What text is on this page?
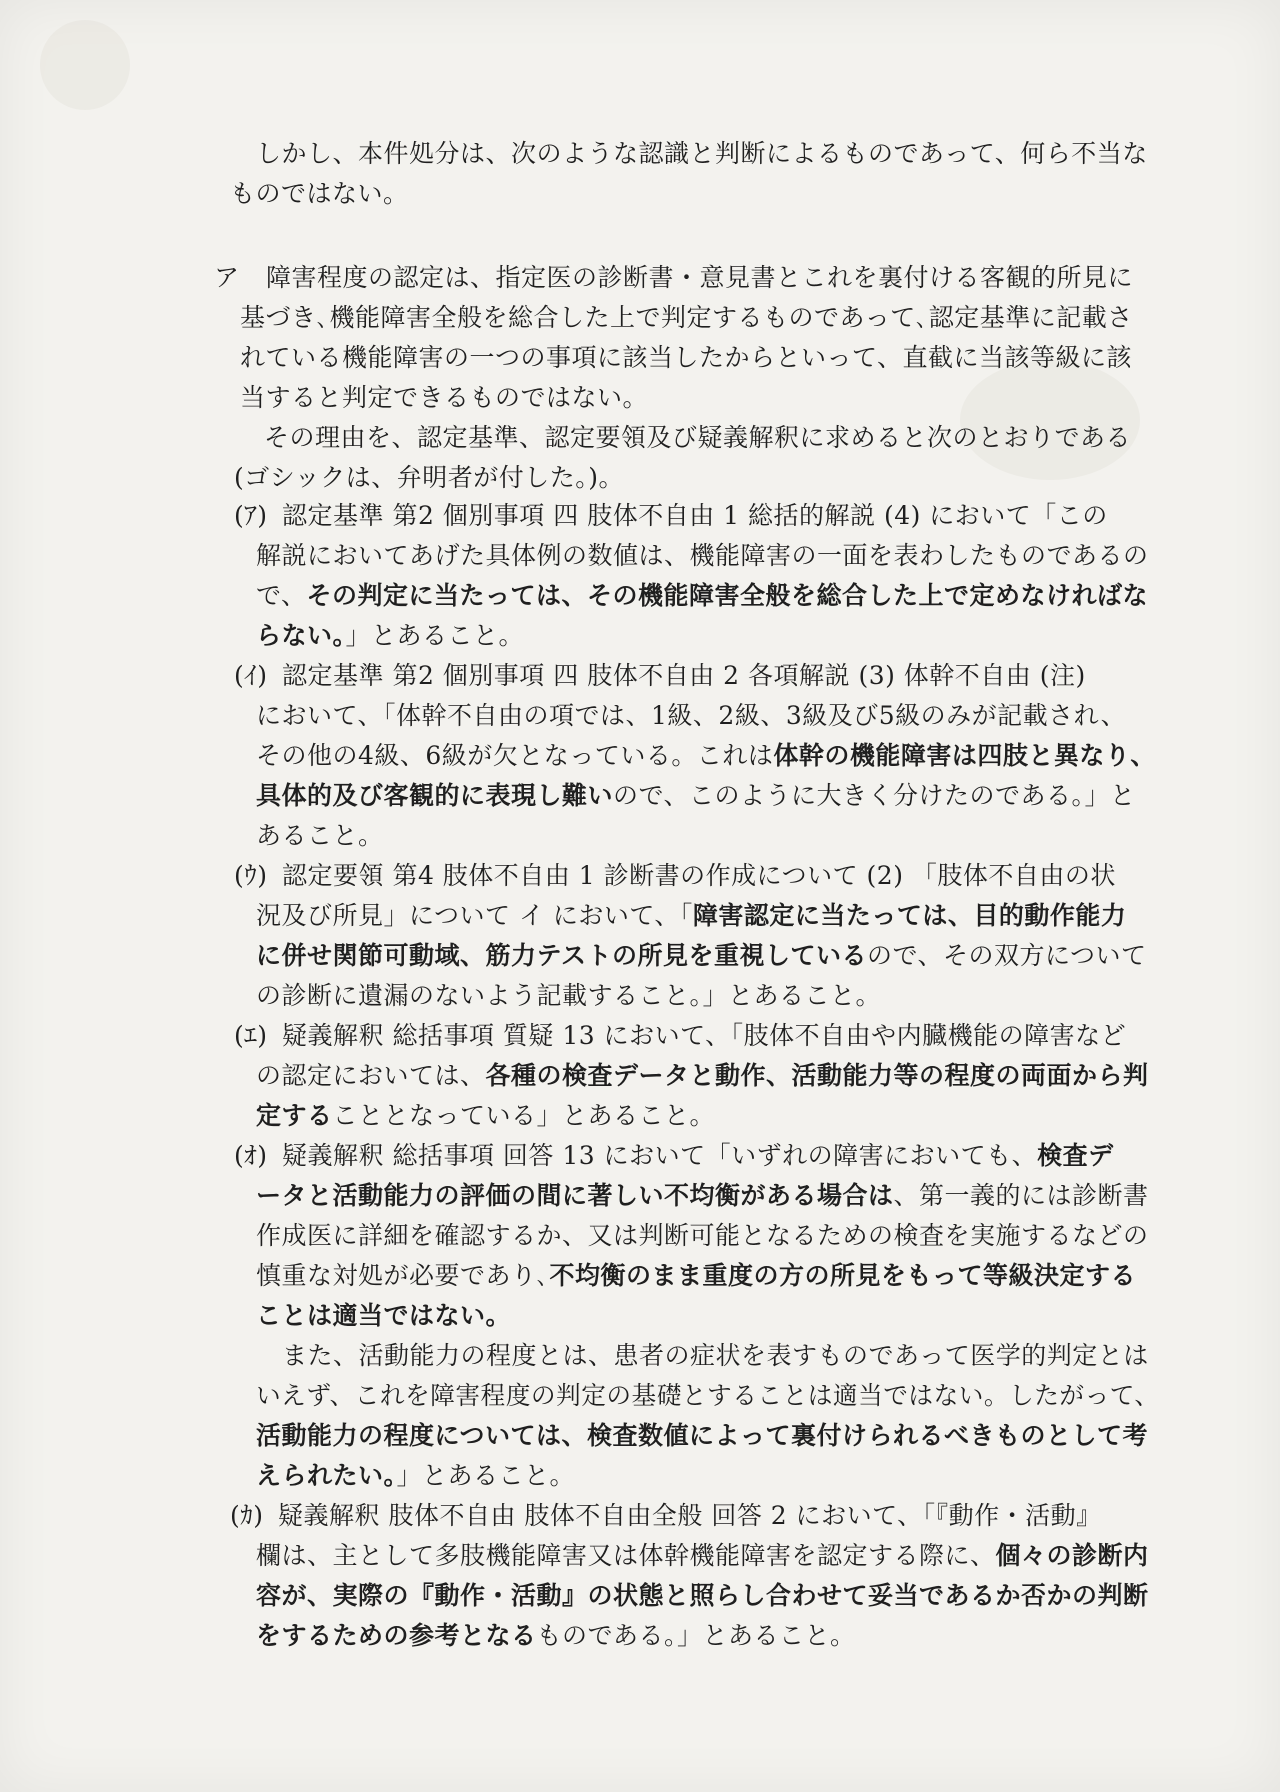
しかし、本件処分は、次のような認識と判断によるものであって、何ら不当な
ものではない。
ア 障害程度の認定は、指定医の診断書・意見書とこれを裏付ける客観的所見に
基づき､機能障害全般を総合した上で判定するものであって､認定基準に記載さ
れている機能障害の一つの事項に該当したからといって、直截に当該等級に該
当すると判定できるものではない。
その理由を、認定基準、認定要領及び疑義解釈に求めると次のとおりである
(ゴシックは、弁明者が付した。)。
(ｱ) 認定基準 第2 個別事項 四 肢体不自由 1 総括的解説 (4) において「この
解説においてあげた具体例の数値は、機能障害の一面を表わしたものであるの
で、その判定に当たっては、その機能障害全般を総合した上で定めなければな
らない。」とあること。
(ｲ) 認定基準 第2 個別事項 四 肢体不自由 2 各項解説 (3) 体幹不自由 (注)
において、「体幹不自由の項では、1級、2級、3級及び5級のみが記載され、
その他の4級、6級が欠となっている。これは体幹の機能障害は四肢と異なり、
具体的及び客観的に表現し難いので、このように大きく分けたのである。」と
あること。
(ｳ) 認定要領 第4 肢体不自由 1 診断書の作成について (2) 「肢体不自由の状
況及び所見」について イ において、「障害認定に当たっては、目的動作能力
に併せ関節可動域、筋力テストの所見を重視しているので、その双方について
の診断に遺漏のないよう記載すること。」とあること。
(ｴ) 疑義解釈 総括事項 質疑 13 において、「肢体不自由や内臓機能の障害など
の認定においては、各種の検査データと動作、活動能力等の程度の両面から判
定することとなっている」とあること。
(ｵ) 疑義解釈 総括事項 回答 13 において「いずれの障害においても、検査デ
ータと活動能力の評価の間に著しい不均衡がある場合は、第一義的には診断書
作成医に詳細を確認するか、又は判断可能となるための検査を実施するなどの
慎重な対処が必要であり､不均衡のまま重度の方の所見をもって等級決定する
ことは適当ではない。
また、活動能力の程度とは、患者の症状を表すものであって医学的判定とは
いえず、これを障害程度の判定の基礎とすることは適当ではない。したがって、
活動能力の程度については、検査数値によって裏付けられるべきものとして考
えられたい。」とあること。
(ｶ) 疑義解釈 肢体不自由 肢体不自由全般 回答 2 において、「『動作・活動』
欄は、主として多肢機能障害又は体幹機能障害を認定する際に、個々の診断内
容が、実際の『動作・活動』の状態と照らし合わせて妥当であるか否かの判断
をするための参考となるものである。」とあること。
